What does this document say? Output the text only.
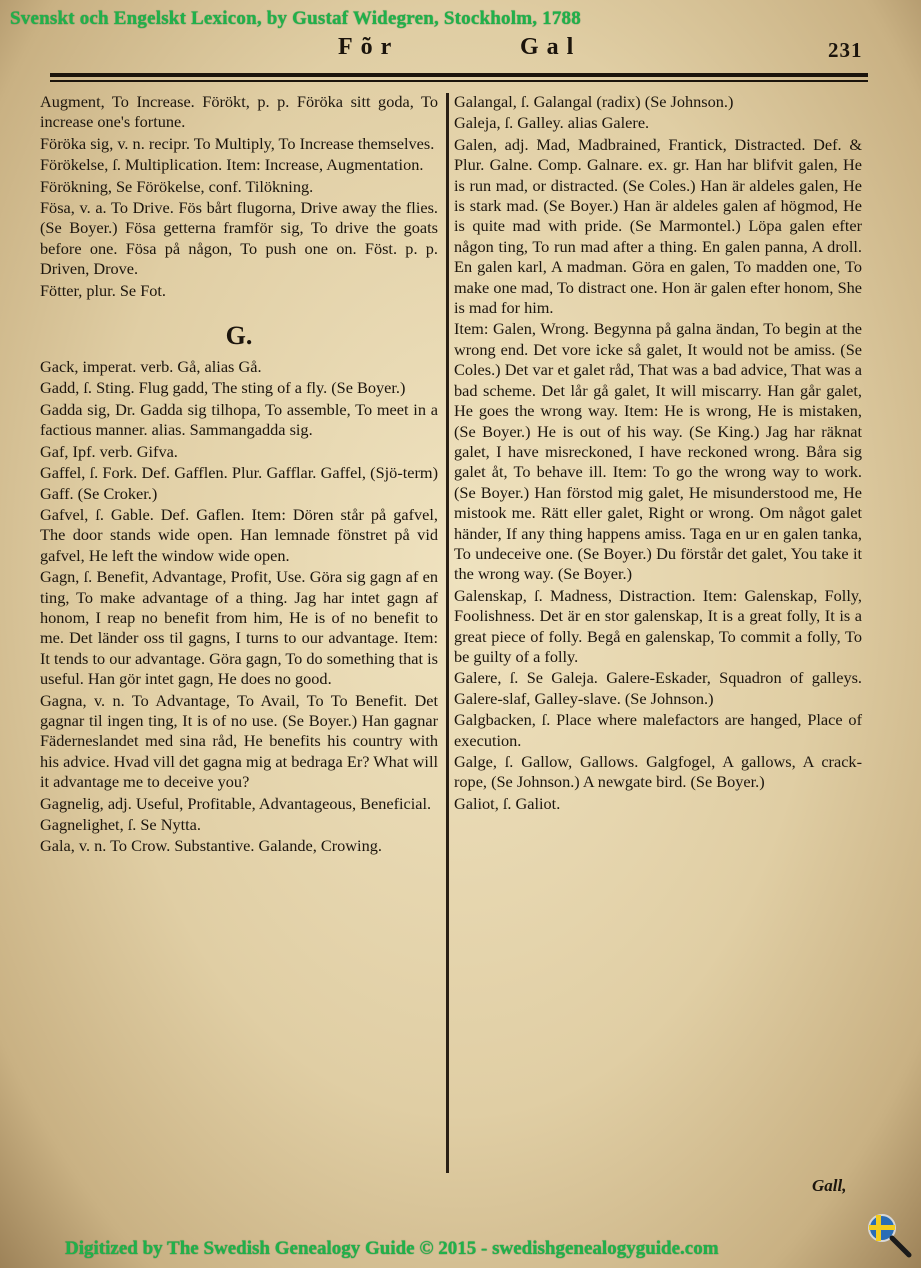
Svenskt och Engelskt Lexicon, by Gustaf Widegren, Stockholm, 1788
Fõr	Gal	231
Augment, To Increase. Förökt, p. p. Föröka sitt goda, To increase one's fortune.
Föröka sig, v. n. recipr. To Multiply, To Increase themselves.
Förökelse, ſ. Multiplication. Item: Increase, Augmentation.
Förökning, Se Förökelse, conf. Tilökning.
Fösa, v. a. To Drive. Fös bårt flugorna, Drive away the flies. (Se Boyer.) Fösa getterna framför sig, To drive the goats before one. Fösa på någon, To push one on. Föst. p. p. Driven, Drove.
Fötter, plur. Se Fot.
G.
Gack, imperat. verb. Gå, alias Gå.
Gadd, ſ. Sting. Flug gadd, The sting of a fly. (Se Boyer.)
Gadda sig, Dr. Gadda sig tilhopa, To assemble, To meet in a factious manner. alias. Sammangadda sig.
Gaf, Ipf. verb. Gifva.
Gaffel, ſ. Fork. Def. Gafflen. Plur. Gafflar. Gaffel, (Sjö-term) Gaff. (Se Croker.)
Gafvel, ſ. Gable. Def. Gaflen. Item: Dören står på gafvel, The door stands wide open. Han lemnade fönstret på vid gafvel, He left the window wide open.
Gagn, ſ. Benefit, Advantage, Profit, Use. Göra sig gagn af en ting, To make advantage of a thing. Jag har intet gagn af honom, I reap no benefit from him, He is of no benefit to me. Det länder oss til gagns, I turns to our advantage. Item: It tends to our advantage. Göra gagn, To do something that is useful. Han gör intet gagn, He does no good.
Gagna, v. n. To Advantage, To Avail, To To Benefit. Det gagnar til ingen ting, It is of no use. (Se Boyer.) Han gagnar Fäderneslandet med sina råd, He benefits his country with his advice. Hvad vill det gagna mig at bedraga Er? What will it advantage me to deceive you?
Gagnelig, adj. Useful, Profitable, Advantageous, Beneficial.
Gagnelighet, ſ. Se Nytta.
Gala, v. n. To Crow. Substantive. Galande, Crowing.
Galangal, ſ. Galangal (radix) (Se Johnson.)
Galeja, ſ. Galley. alias Galere.
Galen, adj. Mad, Madbrained, Frantick, Distracted. Def. & Plur. Galne. Comp. Galnare. ex. gr. Han har blifvit galen, He is run mad, or distracted. (Se Coles.) Han är aldeles galen, He is stark mad. (Se Boyer.) Han är aldeles galen af högmod, He is quite mad with pride. (Se Marmontel.) Löpa galen efter någon ting, To run mad after a thing. En galen panna, A droll. En galen karl, A madman. Göra en galen, To madden one, To make one mad, To distract one. Hon är galen efter honom, She is mad for him.
Item: Galen, Wrong. Begynna på galna ändan, To begin at the wrong end. Det vore icke så galet, It would not be amiss. (Se Coles.) Det var et galet råd, That was a bad advice, That was a bad scheme. Det lår gå galet, It will miscarry. Han går galet, He goes the wrong way. Item: He is wrong, He is mistaken, (Se Boyer.) He is out of his way. (Se King.) Jag har räknat galet, I have misreckoned, I have reckoned wrong. Båra sig galet åt, To behave ill. Item: To go the wrong way to work. (Se Boyer.) Han förstod mig galet, He misunderstood me, He mistook me. Rätt eller galet, Right or wrong. Om något galet händer, If any thing happens amiss. Taga en ur en galen tanka, To undeceive one. (Se Boyer.) Du förstår det galet, You take it the wrong way. (Se Boyer.)
Galenskap, ſ. Madness, Distraction. Item: Galenskap, Folly, Foolishness. Det är en stor galenskap, It is a great folly, It is a great piece of folly. Begå en galenskap, To commit a folly, To be guilty of a folly.
Galere, ſ. Se Galeja. Galere-Eskader, Squadron of galleys. Galere-slaf, Galley-slave. (Se Johnson.)
Galgbacken, ſ. Place where malefactors are hanged, Place of execution.
Galge, ſ. Gallow, Gallows. Galgfogel, A gallows, A crack-rope, (Se Johnson.) A newgate bird. (Se Boyer.)
Galiot, ſ. Galiot.
Gall,
Digitized by The Swedish Genealogy Guide © 2015 - swedishgenealogyguide.com
